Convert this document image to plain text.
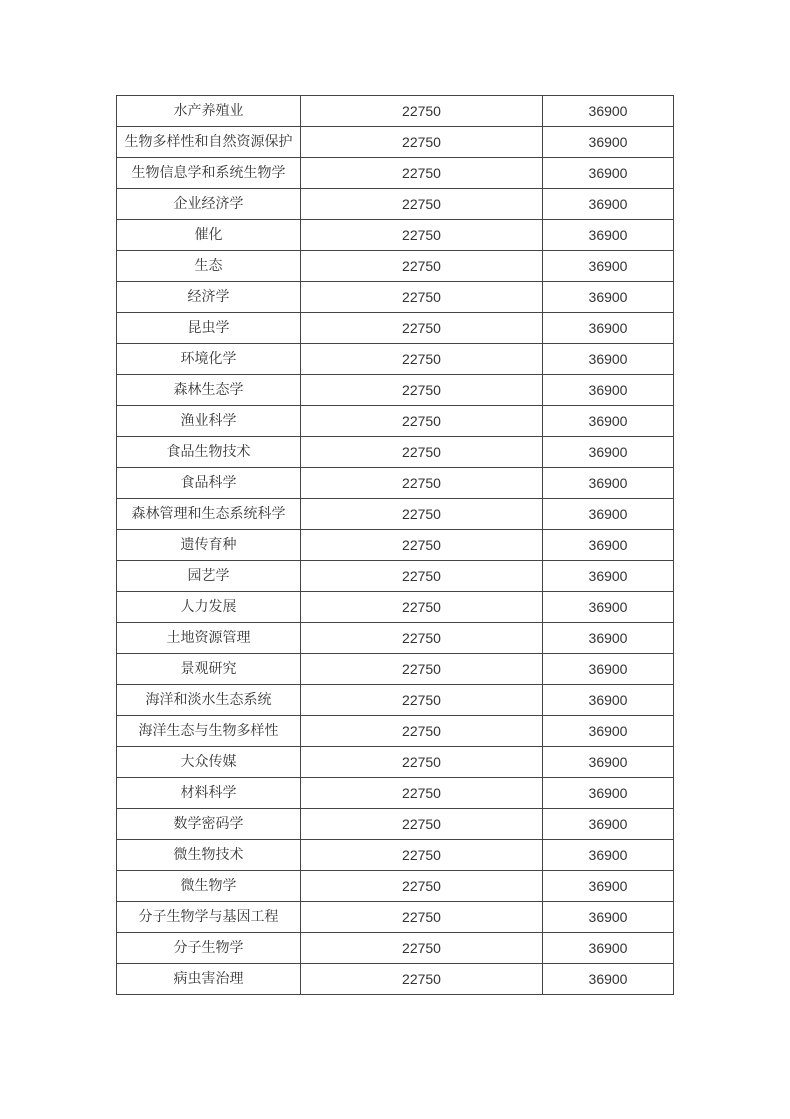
水产养殖业	22750	36900
生物多样性和自然资源保护	22750	36900
生物信息学和系统生物学	22750	36900
企业经济学	22750	36900
催化	22750	36900
生态	22750	36900
经济学	22750	36900
昆虫学	22750	36900
环境化学	22750	36900
森林生态学	22750	36900
渔业科学	22750	36900
食品生物技术	22750	36900
食品科学	22750	36900
森林管理和生态系统科学	22750	36900
遗传育种	22750	36900
园艺学	22750	36900
人力发展	22750	36900
土地资源管理	22750	36900
景观研究	22750	36900
海洋和淡水生态系统	22750	36900
海洋生态与生物多样性	22750	36900
大众传媒	22750	36900
材料科学	22750	36900
数学密码学	22750	36900
微生物技术	22750	36900
微生物学	22750	36900
分子生物学与基因工程	22750	36900
分子生物学	22750	36900
病虫害治理	22750	36900
